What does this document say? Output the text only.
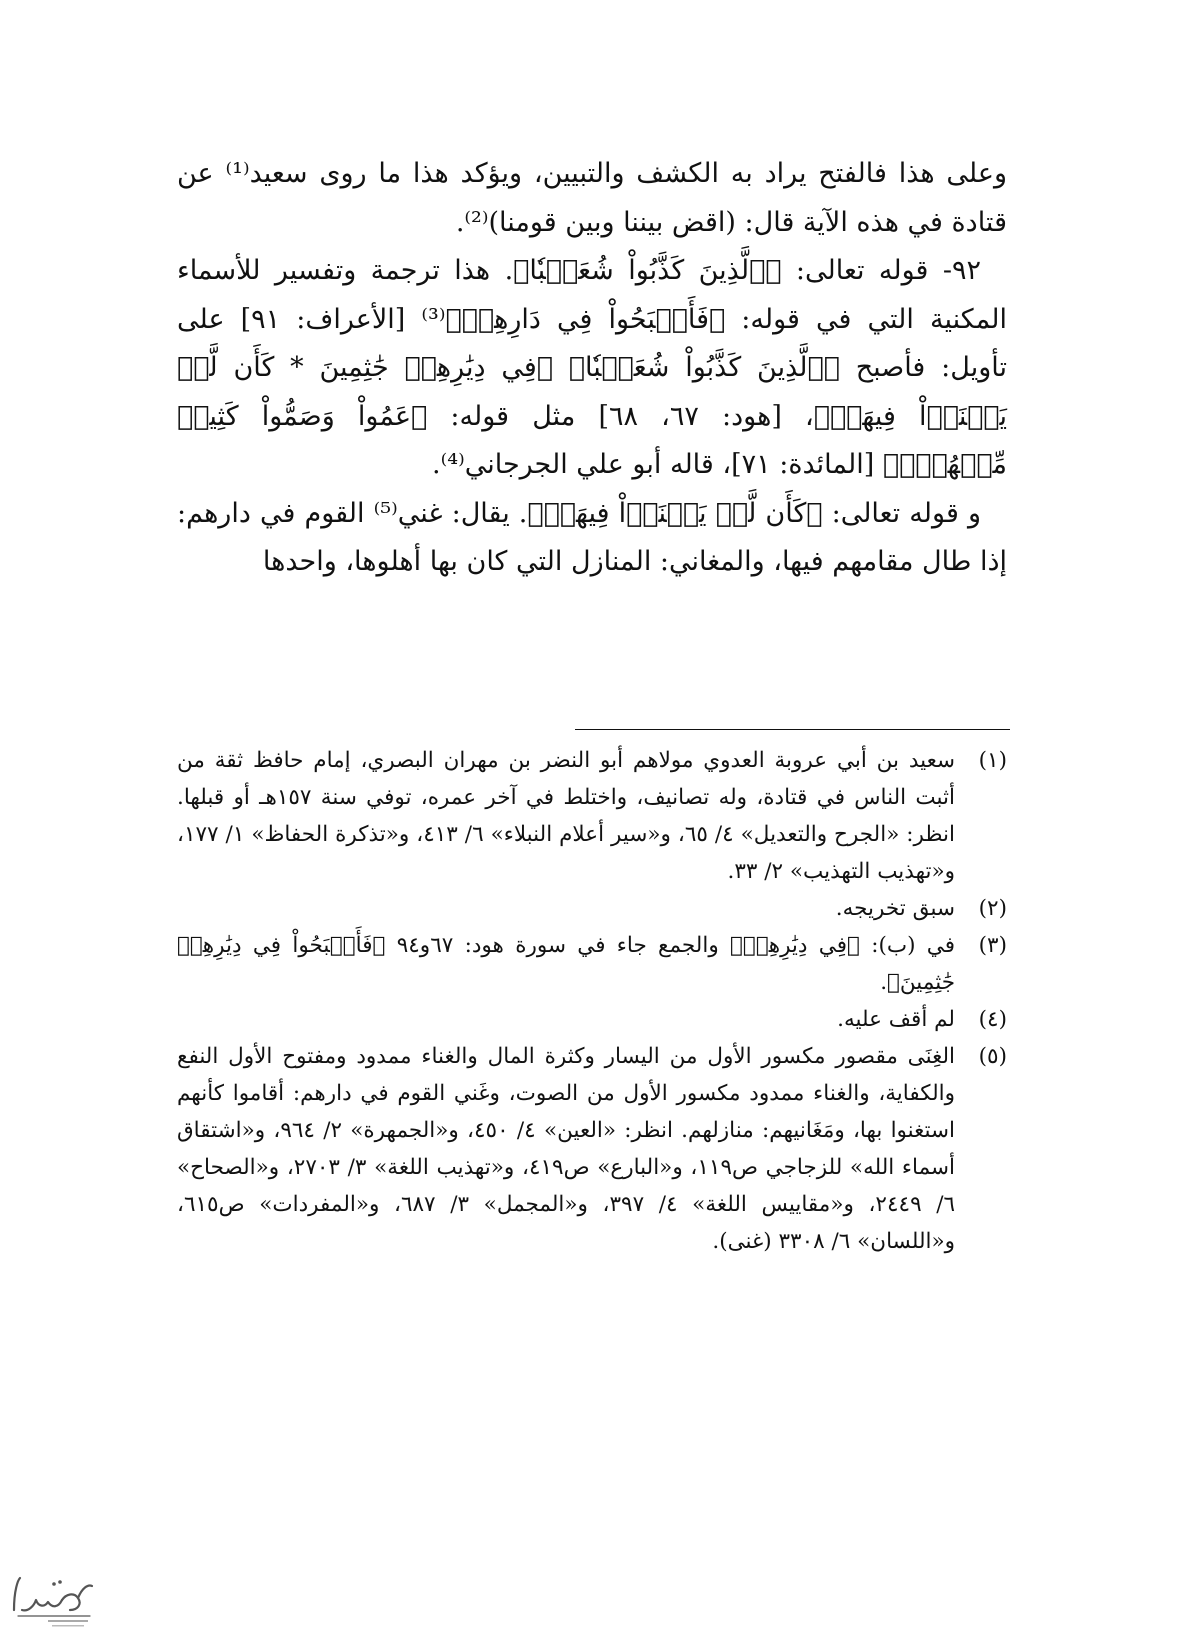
وعلى هذا فالفتح يراد به الكشف والتبيين، ويؤكد هذا ما روى سعيد⁽¹⁾ عن قتادة في هذه الآية قال: (اقض بيننا وبين قومنا)⁽²⁾.

٩٢- قوله تعالى: ﴿ٱلَّذِينَ كَذَّبُواْ شُعَيۡبٗا﴾. هذا ترجمة وتفسير للأسماء المكنية التي في قوله: ﴿فَأَصۡبَحُواْ فِي دَارِهِمۡ﴾⁽³⁾ [الأعراف: ٩١] على تأويل: فأصبح ﴿ٱلَّذِينَ كَذَّبُواْ شُعَيۡبٗا﴾ ﴿فِي دِيَٰرِهِمۡ جَٰثِمِينَ * كَأَن لَّمۡ يَغۡنَوۡاْ فِيهَآۗ﴾، [هود: ٦٧، ٦٨] مثل قوله: ﴿عَمُواْ وَصَمُّواْ كَثِيرٞ مِّنۡهُمۡۚ﴾ [المائدة: ٧١]، قاله أبو علي الجرجاني⁽⁴⁾.

و قوله تعالى: ﴿كَأَن لَّمۡ يَغۡنَوۡاْ فِيهَآۗ﴾. يقال: غني⁽⁵⁾ القوم في دارهم: إذا طال مقامهم فيها، والمغاني: المنازل التي كان بها أهلوها، واحدها

(١)
سعيد بن أبي عروبة العدوي مولاهم أبو النضر بن مهران البصري، إمام حافظ ثقة من أثبت الناس في قتادة، وله تصانيف، واختلط في آخر عمره، توفي سنة ١٥٧هـ أو قبلها. انظر: «الجرح والتعديل» ٤/ ٦٥، و«سير أعلام النبلاء» ٦/ ٤١٣، و«تذكرة الحفاظ» ١/ ١٧٧، و«تهذيب التهذيب» ٢/ ٣٣.
(٢)
سبق تخريجه.
(٣)
في (ب): ﴿فِي دِيَٰرِهِمۡ﴾ والجمع جاء في سورة هود: ٦٧و٩٤ ﴿فَأَصۡبَحُواْ فِي دِيَٰرِهِمۡ جَٰثِمِينَ﴾.
(٤)
لم أقف عليه.
(٥)
الغِنَى مقصور مكسور الأول من اليسار وكثرة المال والغناء ممدود ومفتوح الأول النفع والكفاية، والغناء ممدود مكسور الأول من الصوت، وغَني القوم في دارهم: أقاموا كأنهم استغنوا بها، ومَغَانيهم: منازلهم. انظر: «العين» ٤/ ٤٥٠، و«الجمهرة» ٢/ ٩٦٤، و«اشتقاق أسماء الله» للزجاجي ص١١٩، و«البارع» ص٤١٩، و«تهذيب اللغة» ٣/ ٢٧٠٣، و«الصحاح» ٦/ ٢٤٤٩، و«مقاييس اللغة» ٤/ ٣٩٧، و«المجمل» ٣/ ٦٨٧، و«المفردات» ص٦١٥، و«اللسان» ٦/ ٣٣٠٨ (غنى).
